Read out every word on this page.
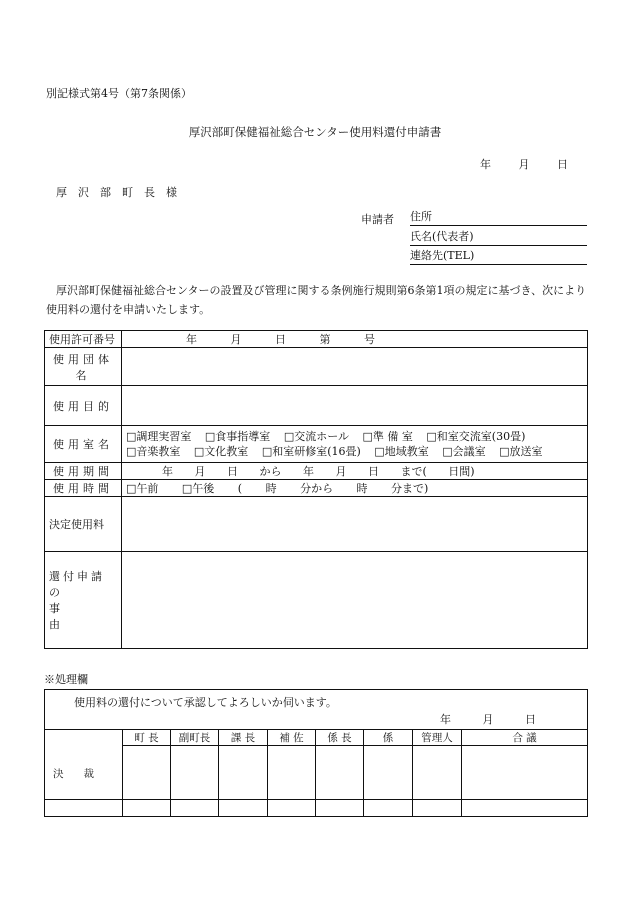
別記様式第4号（第7条関係）
厚沢部町保健福祉総合センター使用料還付申請書
年 月 日
厚沢部町長様
申請者 住所
氏名(代表者)
連絡先(TEL)
厚沢部町保健福祉総合センターの設置及び管理に関する条例施行規則第6条第1項の規定に基づき、次により使用料の還付を申請いたします。
使用許可番号	年 月 日 第 号
使用団体名	
使用目的	
使用室名	□調理実習室 □食事指導室 □交流ホール □準 備 室 □和室交流室(30畳)
□音楽教室 □文化教室 □和室研修室(16畳) □地域教室 □会議室 □放送室

使用期間	年 月 日 から 年 月 日 まで( 日間)
使用時間	□午前 □午後 ( 時 分から 時 分まで)
決定使用料	

還付申請の
事 由	

※処理欄
使用料の還付について承認してよろしいか伺います。
年 月 日
決裁	町 長	副町長	課 長	補 佐	係 長	係	管理人	合 議
